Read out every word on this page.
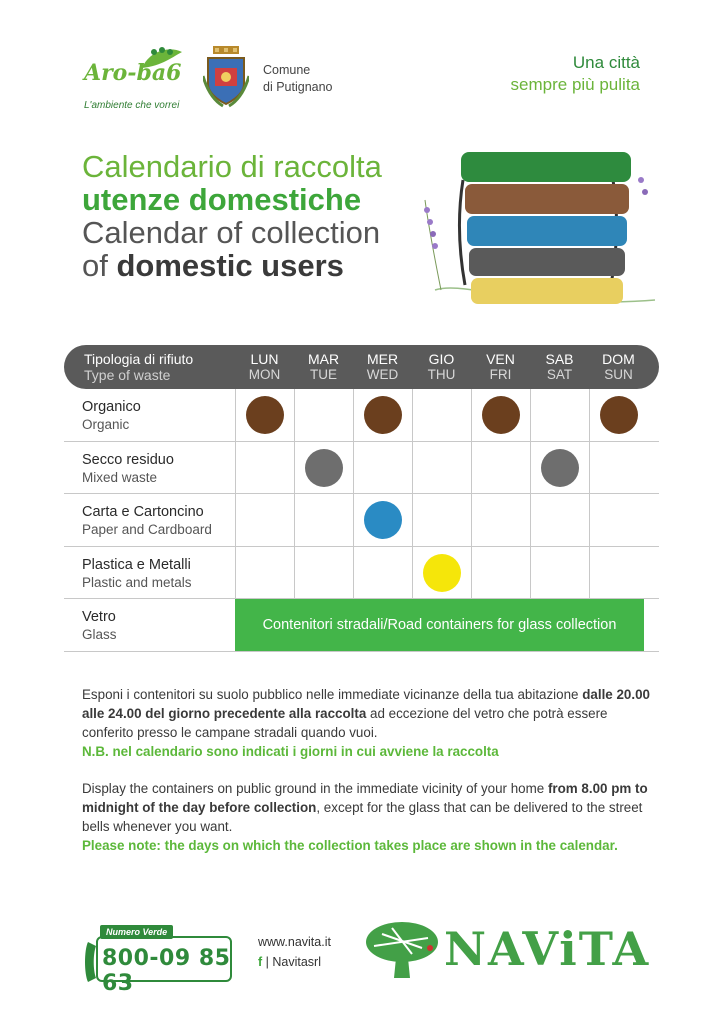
Aro-ba6
L'ambiente che vorrei
Comune
di Putignano
Una città
sempre più pulita
Calendario di raccolta
utenze domestiche
Calendar of collection
of domestic users
Tipologia di rifiuto
Type of waste
LUN
MON
MAR
TUE
MER
WED
GIO
THU
VEN
FRI
SAB
SAT
DOM
SUN
Organico
Organic
Secco residuo
Mixed waste
Carta e Cartoncino
Paper and Cardboard
Plastica e Metalli
Plastic and metals
Vetro
Glass
Contenitori stradali/Road containers for glass collection

Esponi i contenitori su suolo pubblico nelle immediate vicinanze della tua abitazione dalle 20.00 alle 24.00 del giorno precedente alla raccolta ad eccezione del vetro che potrà essere conferito presso le campane stradali quando vuoi.
N.B. nel calendario sono indicati i giorni in cui avviene la raccolta

Display the containers on public ground in the immediate vicinity of your home from 8.00 pm to midnight of the day before collection, except for the glass that can be delivered to the street bells whenever you want.
Please note: the days on which the collection takes place are shown in the calendar.

Numero Verde
800-09 85 63
www.navita.it
f | Navitasrl	NAViTA
